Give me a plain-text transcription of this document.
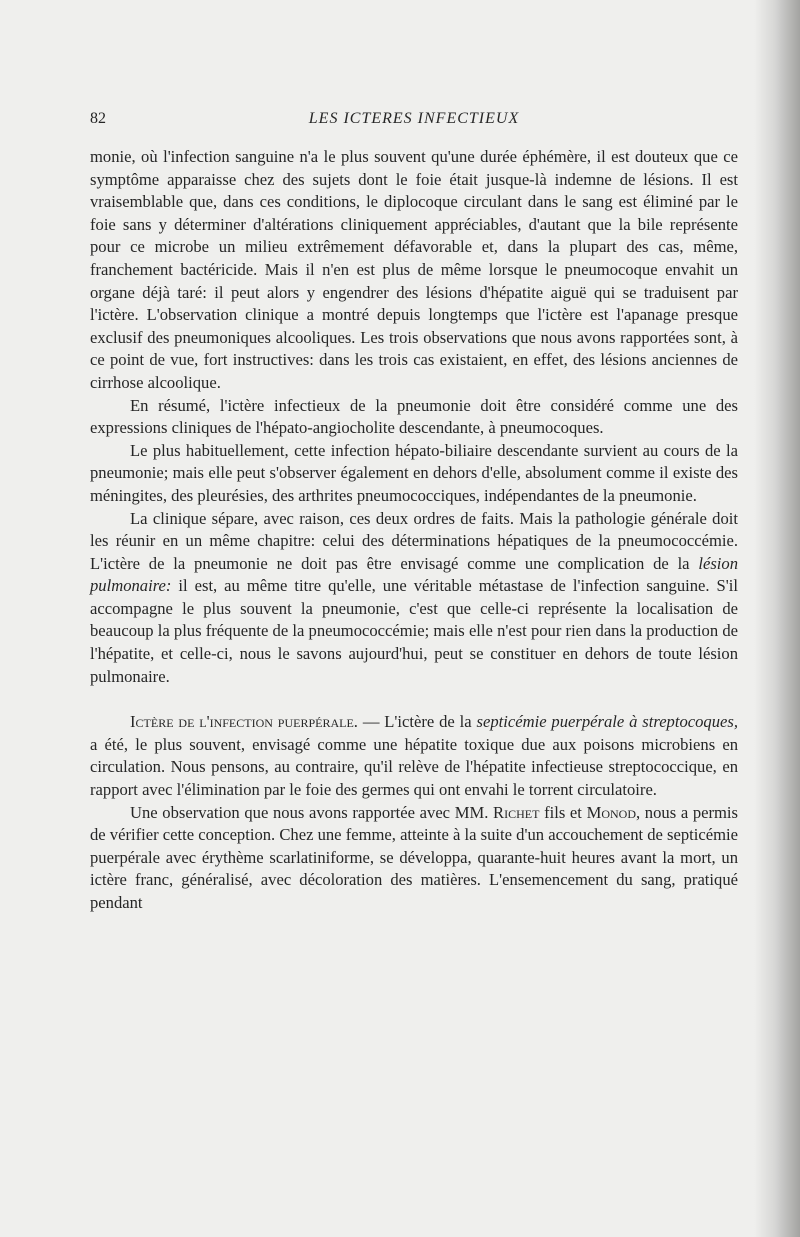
82	LES ICTERES INFECTIEUX

monie, où l'infection sanguine n'a le plus souvent qu'une durée éphémère, il est douteux que ce symptôme apparaisse chez des sujets dont le foie était jusque-là indemne de lésions. Il est vraisemblable que, dans ces conditions, le diplocoque circulant dans le sang est éliminé par le foie sans y déterminer d'altérations cliniquement appréciables, d'autant que la bile représente pour ce microbe un milieu extrêmement défavorable et, dans la plupart des cas, même, franchement bactéricide. Mais il n'en est plus de même lorsque le pneumocoque envahit un organe déjà taré: il peut alors y engendrer des lésions d'hépatite aiguë qui se traduisent par l'ictère. L'observation clinique a montré depuis longtemps que l'ictère est l'apanage presque exclusif des pneumoniques alcooliques. Les trois observations que nous avons rapportées sont, à ce point de vue, fort instructives: dans les trois cas existaient, en effet, des lésions anciennes de cirrhose alcoolique.

En résumé, l'ictère infectieux de la pneumonie doit être considéré comme une des expressions cliniques de l'hépato-angiocholite descendante, à pneumocoques.

Le plus habituellement, cette infection hépato-biliaire descendante survient au cours de la pneumonie; mais elle peut s'observer également en dehors d'elle, absolument comme il existe des méningites, des pleurésies, des arthrites pneumococciques, indépendantes de la pneumonie.

La clinique sépare, avec raison, ces deux ordres de faits. Mais la pathologie générale doit les réunir en un même chapitre: celui des déterminations hépatiques de la pneumococcémie. L'ictère de la pneumonie ne doit pas être envisagé comme une complication de la lésion pulmonaire: il est, au même titre qu'elle, une véritable métastase de l'infection sanguine. S'il accompagne le plus souvent la pneumonie, c'est que celle-ci représente la localisation de beaucoup la plus fréquente de la pneumococcémie; mais elle n'est pour rien dans la production de l'hépatite, et celle-ci, nous le savons aujourd'hui, peut se constituer en dehors de toute lésion pulmonaire.

Ictère de l'infection puerpérale. — L'ictère de la septicémie puerpérale à streptocoques, a été, le plus souvent, envisagé comme une hépatite toxique due aux poisons microbiens en circulation. Nous pensons, au contraire, qu'il relève de l'hépatite infectieuse streptococcique, en rapport avec l'élimination par le foie des germes qui ont envahi le torrent circulatoire.

Une observation que nous avons rapportée avec MM. Richet fils et Monod, nous a permis de vérifier cette conception. Chez une femme, atteinte à la suite d'un accouchement de septicémie puerpérale avec érythème scarlatiniforme, se développa, quarante-huit heures avant la mort, un ictère franc, généralisé, avec décoloration des matières. L'ensemencement du sang, pratiqué pendant
